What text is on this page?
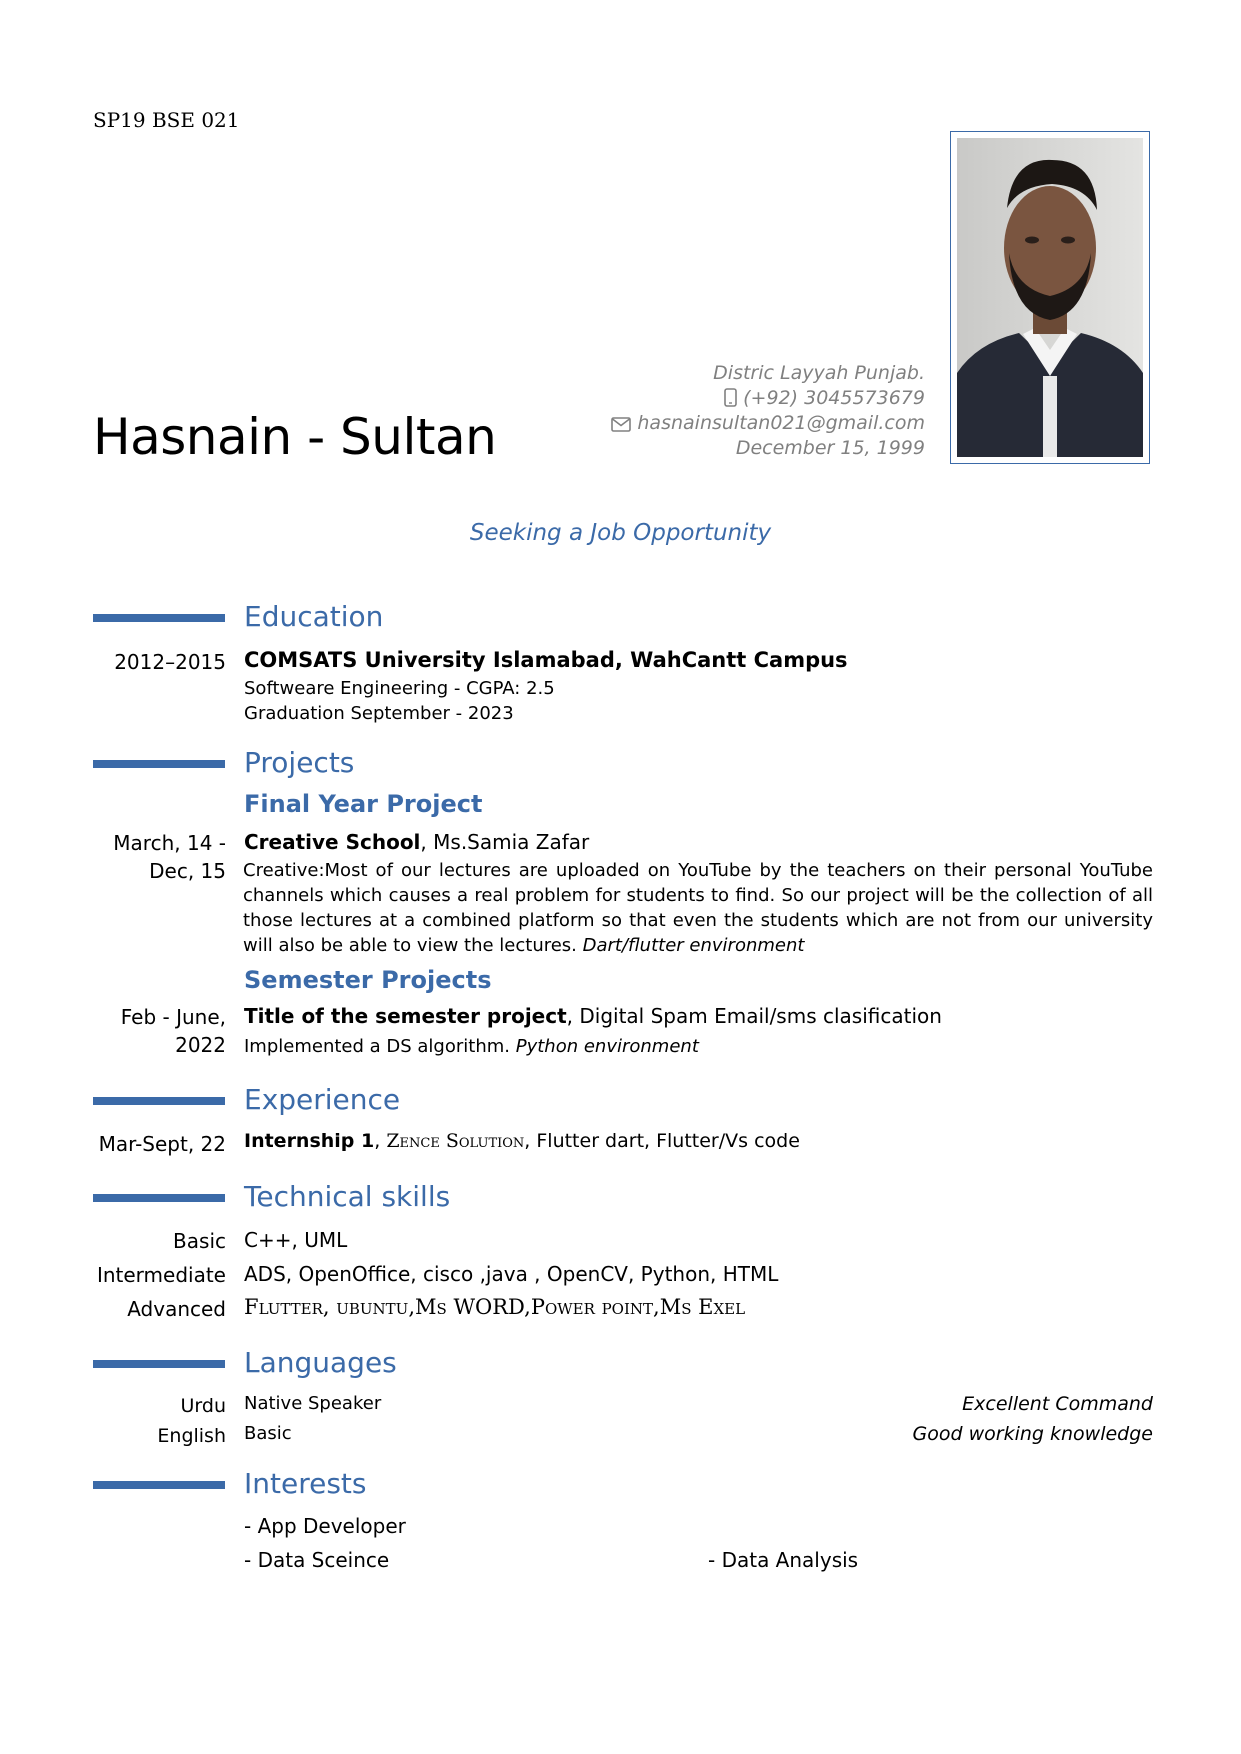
SP19 BSE 021
Distric Layyah Punjab.
(+92) 3045573679
hasnainsultan021@gmail.com
December 15, 1999
Hasnain - Sultan
Seeking a Job Opportunity
Education
2012–2015 COMSATS University Islamabad, WahCantt Campus
Softweare Engineering - CGPA: 2.5
Graduation September - 2023
Projects
Final Year Project
March, 14 -
Dec, 15
Creative School, Ms.Samia Zafar
Creative:Most of our lectures are uploaded on YouTube by the teachers on their personal YouTube channels which causes a real problem for students to find. So our project will be the collection of all those lectures at a combined platform so that even the students which are not from our university will also be able to view the lectures. Dart/flutter environment
Semester Projects
Feb - June,
2022
Title of the semester project, Digital Spam Email/sms clasification
Implemented a DS algorithm. Python environment
Experience
Mar-Sept, 22 Internship 1, Zence Solution, Flutter dart, Flutter/Vs code
Technical skills
Basic C++, UML
Intermediate ADS, OpenOffice, cisco ,java , OpenCV, Python, HTML
Advanced Flutter, ubuntu,Ms WORD,Power point,Ms Exel
Languages
Urdu Native Speaker	Excellent Command
English Basic	Good working knowledge
Interests
- App Developer
- Data Sceince	- Data Analysis
